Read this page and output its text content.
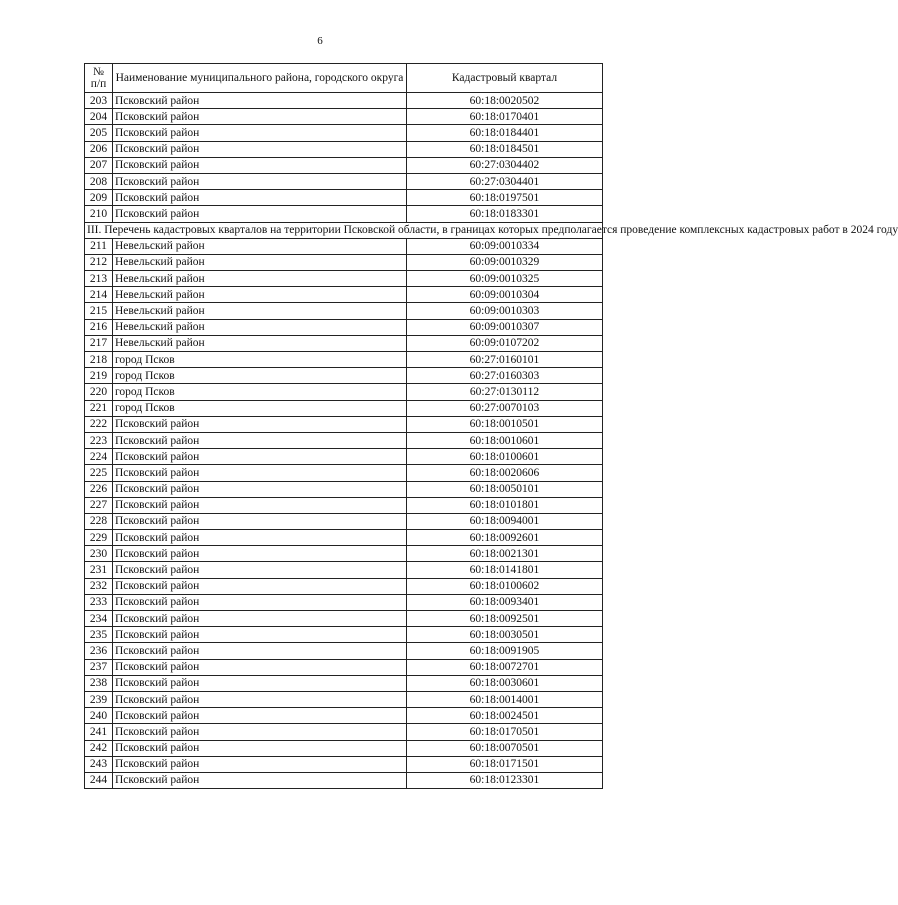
6
№ п/п	Наименование муниципального района, городского округа	Кадастровый квартал
203	Псковский район	60:18:0020502
204	Псковский район	60:18:0170401
205	Псковский район	60:18:0184401
206	Псковский район	60:18:0184501
207	Псковский район	60:27:0304402
208	Псковский район	60:27:0304401
209	Псковский район	60:18:0197501
210	Псковский район	60:18:0183301
III. Перечень кадастровых кварталов на территории Псковской области, в границах которых предполагается проведение комплексных кадастровых работ в 2024 году		
211	Невельский район	60:09:0010334
212	Невельский район	60:09:0010329
213	Невельский район	60:09:0010325
214	Невельский район	60:09:0010304
215	Невельский район	60:09:0010303
216	Невельский район	60:09:0010307
217	Невельский район	60:09:0107202
218	город Псков	60:27:0160101
219	город Псков	60:27:0160303
220	город Псков	60:27:0130112
221	город Псков	60:27:0070103
222	Псковский район	60:18:0010501
223	Псковский район	60:18:0010601
224	Псковский район	60:18:0100601
225	Псковский район	60:18:0020606
226	Псковский район	60:18:0050101
227	Псковский район	60:18:0101801
228	Псковский район	60:18:0094001
229	Псковский район	60:18:0092601
230	Псковский район	60:18:0021301
231	Псковский район	60:18:0141801
232	Псковский район	60:18:0100602
233	Псковский район	60:18:0093401
234	Псковский район	60:18:0092501
235	Псковский район	60:18:0030501
236	Псковский район	60:18:0091905
237	Псковский район	60:18:0072701
238	Псковский район	60:18:0030601
239	Псковский район	60:18:0014001
240	Псковский район	60:18:0024501
241	Псковский район	60:18:0170501
242	Псковский район	60:18:0070501
243	Псковский район	60:18:0171501
244	Псковский район	60:18:0123301
